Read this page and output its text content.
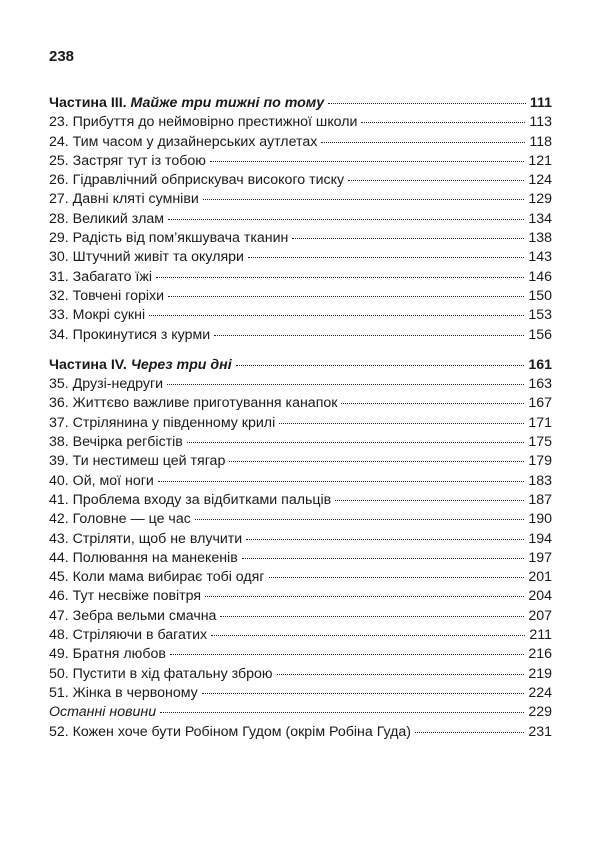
238
Частина III. Майже три тижні по тому	111
23. Прибуття до неймовірно престижної школи	113
24. Тим часом у дизайнерських аутлетах	118
25. Застряг тут із тобою	121
26. Гідравлічний обприскувач високого тиску	124
27. Давні кляті сумніви	129
28. Великий злам	134
29. Радість від пом’якшувача тканин	138
30. Штучний живіт та окуляри	143
31. Забагато їжі	146
32. Товчені горіхи	150
33. Мокрі сукні	153
34. Прокинутися з курми	156
Частина IV. Через три дні	161
35. Друзі-недруги	163
36. Життєво важливе приготування канапок	167
37. Стрілянина у південному крилі	171
38. Вечірка регбістів	175
39. Ти нестимеш цей тягар	179
40. Ой, мої ноги	183
41. Проблема входу за відбитками пальців	187
42. Головне — це час	190
43. Стріляти, щоб не влучити	194
44. Полювання на манекенів	197
45. Коли мама вибирає тобі одяг	201
46. Тут несвіже повітря	204
47. Зебра вельми смачна	207
48. Стріляючи в багатих	211
49. Братня любов	216
50. Пустити в хід фатальну зброю	219
51. Жінка в червоному	224
Останні новини	229
52. Кожен хоче бути Робіном Гудом (окрім Робіна Гуда)	231
